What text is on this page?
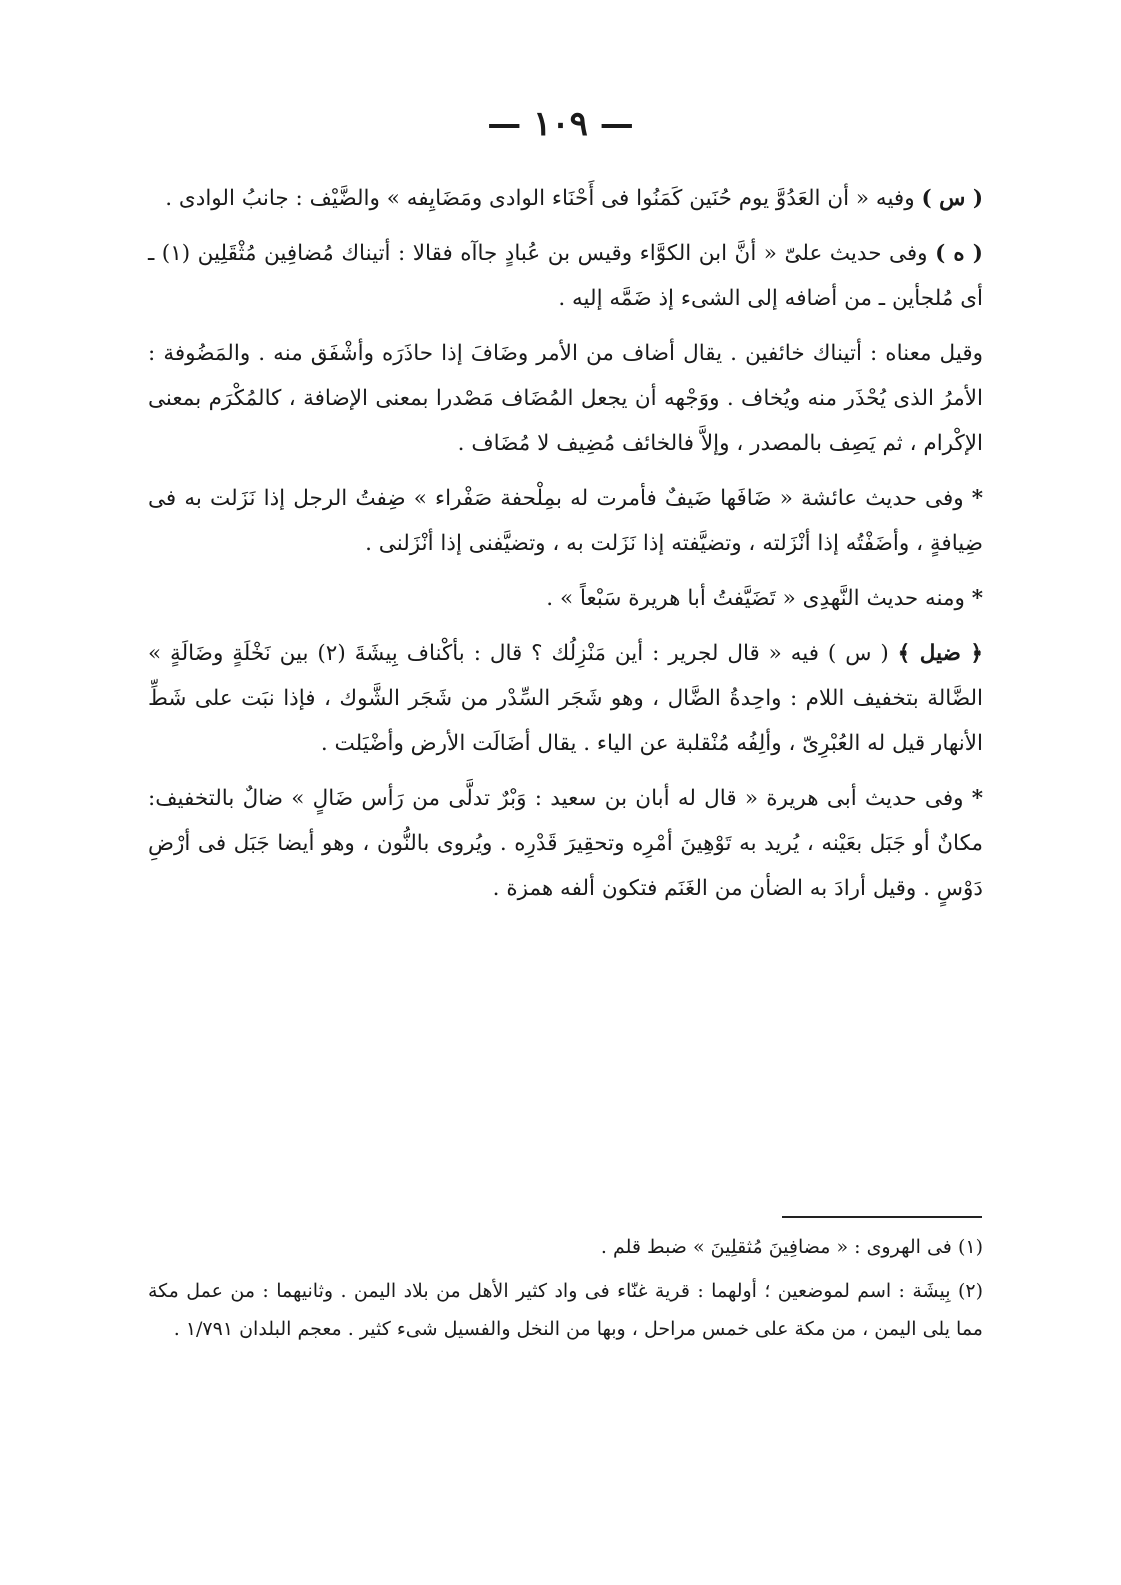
— ١٠٩ —

( س ) وفيه « أن العَدُوَّ يوم حُنَين كَمَنُوا فى أَحْنَاء الوادى ومَضَايِفه » والضَّيْف : جانبُ الوادى .

( ه ) وفى حديث علىّ « أنَّ ابن الكوَّاء وقيس بن عُبادٍ جاآه فقالا : أتيناك مُضافِين مُثْقَلِين (١) ـ أى مُلجأين ـ من أضافه إلى الشىء إذ ضَمَّه إليه .

وقيل معناه : أتيناك خائفين . يقال أضاف من الأمر وضَافَ إذا حاذَرَه وأشْفَق منه . والمَضُوفة : الأمرُ الذى يُحْذَر منه ويُخاف . ووَجْهه أن يجعل المُضَاف مَصْدرا بمعنى الإضافة ، كالمُكْرَم بمعنى الإكْرام ، ثم يَصِف بالمصدر ، وإلاَّ فالخائف مُضِيف لا مُضَاف .

* وفى حديث عائشة « ضَافَها ضَيفٌ فأمرت له بمِلْحفة صَفْراء » ضِفتُ الرجل إذا نَزَلت به فى ضِيافةٍ ، وأضَفْتُه إذا أنْزَلته ، وتضيَّفته إذا نَزَلت به ، وتضيَّفنى إذا أنْزَلنى .

* ومنه حديث النَّهدِى « تَضَيَّفتُ أبا هريرة سَبْعاً » .

﴿ ضيل ﴾ ( س ) فيه « قال لجرير : أين مَنْزِلُك ؟ قال : بأكْناف بِيشَةَ (٢) بين نَخْلَةٍ وضَالَةٍ » الضَّالة بتخفيف اللام : واحِدةُ الضَّال ، وهو شَجَر السِّدْر من شَجَر الشَّوك ، فإذا نبَت على شَطِّ الأنهار قيل له العُبْرِىّ ، وألِفُه مُنْقلبة عن الياء . يقال أضَالَت الأرض وأضْيَلت .

* وفى حديث أبى هريرة « قال له أبان بن سعيد : وَبْرٌ تدلَّى من رَأس ضَالٍ » ضالٌ بالتخفيف: مكانٌ أو جَبَل بعَيْنه ، يُريد به تَوْهِينَ أمْرِه وتحقِيرَ قَدْرِه . ويُروى بالنُّون ، وهو أيضا جَبَل فى أرْضِ دَوْسٍ . وقيل أرادَ به الضأن من الغَنَم فتكون ألفه همزة .

(١) فى الهروى : « مضافِينَ مُثقلِينَ » ضبط قلم .

(٢) بِيشَة : اسم لموضعين ؛ أولهما : قرية غنّاء فى واد كثير الأهل من بلاد اليمن . وثانيهما : من عمل مكة مما يلى اليمن ، من مكة على خمس مراحل ، وبها من النخل والفسيل شىء كثير . معجم البلدان ١/٧٩١ .
